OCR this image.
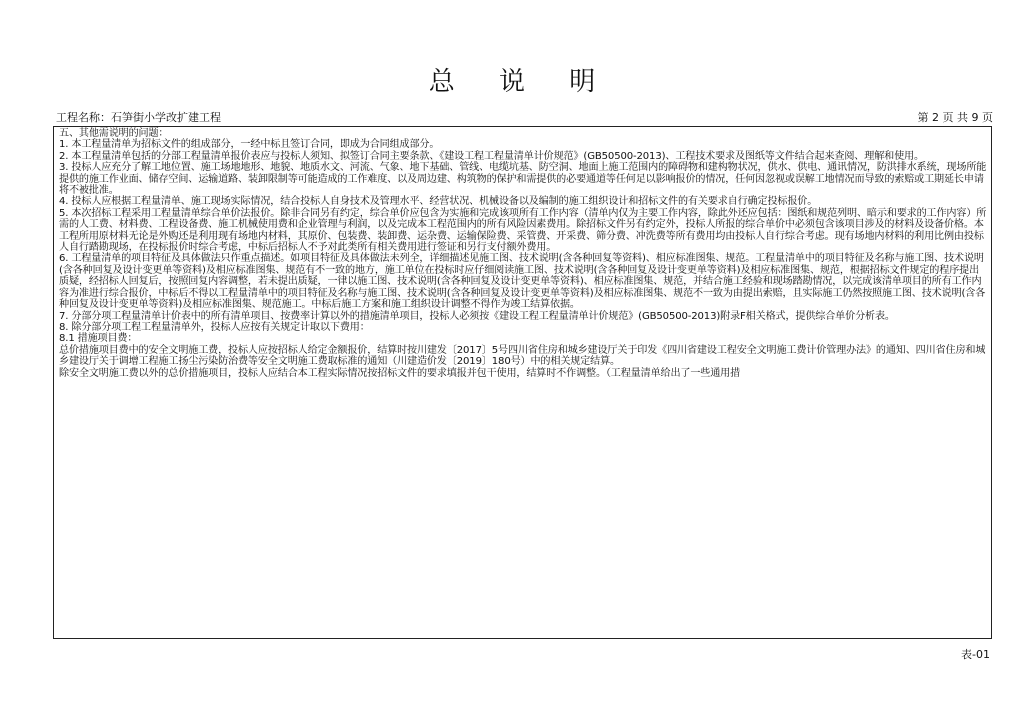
总 说 明
工程名称：石笋街小学改扩建工程	第 2 页 共 9 页

五、其他需说明的问题：

1. 本工程量清单为招标文件的组成部分，一经中标且签订合同，即成为合同组成部分。

2. 本工程量清单包括的分部工程量清单报价表应与投标人须知、拟签订合同主要条款、《建设工程工程量清单计价规范》(GB50500-2013)、工程技术要求及图纸等文件结合起来查阅、理解和使用。

3. 投标人应充分了解工地位置、施工场地地形、地貌、地质水文、河流、气象、地下基础、管线、电缆坑基、防空洞、地面上施工范围内的障碍物和建构物状况，供水、供电、通讯情况，防洪排水系统，现场所能提供的施工作业面、储存空间、运输道路、装卸限制等可能造成的工作难度、以及周边建、构筑物的保护和需提供的必要通道等任何足以影响报价的情况，任何因忽视或误解工地情况而导致的索赔或工期延长申请将不被批准。

4. 投标人应根据工程量清单、施工现场实际情况，结合投标人自身技术及管理水平、经营状况、机械设备以及编制的施工组织设计和招标文件的有关要求自行确定投标报价。

5. 本次招标工程采用工程量清单综合单价法报价。除非合同另有约定，综合单价应包含为实施和完成该项所有工作内容（清单内仅为主要工作内容，除此外还应包括：图纸和规范列明、暗示和要求的工作内容）所需的人工费、材料费、工程设备费、施工机械使用费和企业管理与利润，以及完成本工程范围内的所有风险因素费用。除招标文件另有约定外，投标人所报的综合单价中必须包含该项目涉及的材料及设备价格。本工程所用原材料无论是外购还是利用现有场地内材料，其原价、包装费、装卸费、运杂费、运输保险费、采管费、开采费、筛分费、冲洗费等所有费用均由投标人自行综合考虑。现有场地内材料的利用比例由投标人自行踏勘现场，在投标报价时综合考虑，中标后招标人不予对此类所有相关费用进行签证和另行支付额外费用。

6. 工程量清单的项目特征及具体做法只作重点描述。如项目特征及具体做法未列全，详细描述见施工图、技术说明(含各种回复等资料)、相应标准图集、规范。工程量清单中的项目特征及名称与施工图、技术说明(含各种回复及设计变更单等资料)及相应标准图集、规范有不一致的地方，施工单位在投标时应仔细阅读施工图、技术说明(含各种回复及设计变更单等资料)及相应标准图集、规范，根据招标文件规定的程序提出质疑，经招标人回复后，按照回复内容调整，若未提出质疑，一律以施工图、技术说明(含各种回复及设计变更单等资料)、相应标准图集、规范，并结合施工经验和现场踏勘情况，以完成该清单项目的所有工作内容为准进行综合报价，中标后不得以工程量清单中的项目特征及名称与施工图、技术说明(含各种回复及设计变更单等资料)及相应标准图集、规范不一致为由提出索赔，且实际施工仍然按照施工图、技术说明(含各种回复及设计变更单等资料)及相应标准图集、规范施工。中标后施工方案和施工组织设计调整不得作为竣工结算依据。

7. 分部分项工程量清单计价表中的所有清单项目、按费率计算以外的措施清单项目，投标人必须按《建设工程工程量清单计价规范》(GB50500-2013)附录F相关格式，提供综合单价分析表。

8. 除分部分项工程工程量清单外，投标人应按有关规定计取以下费用：

8.1 措施项目费：

总价措施项目费中的安全文明施工费，投标人应按招标人给定金额报价，结算时按川建发〔2017〕5号四川省住房和城乡建设厅关于印发《四川省建设工程安全文明施工费计价管理办法》的通知、四川省住房和城乡建设厅关于调增工程施工扬尘污染防治费等安全文明施工费取标准的通知（川建造价发〔2019〕180号）中的相关规定结算。

除安全文明施工费以外的总价措施项目，投标人应结合本工程实际情况按招标文件的要求填报并包干使用，结算时不作调整。（工程量清单给出了一些通用措

表-01
